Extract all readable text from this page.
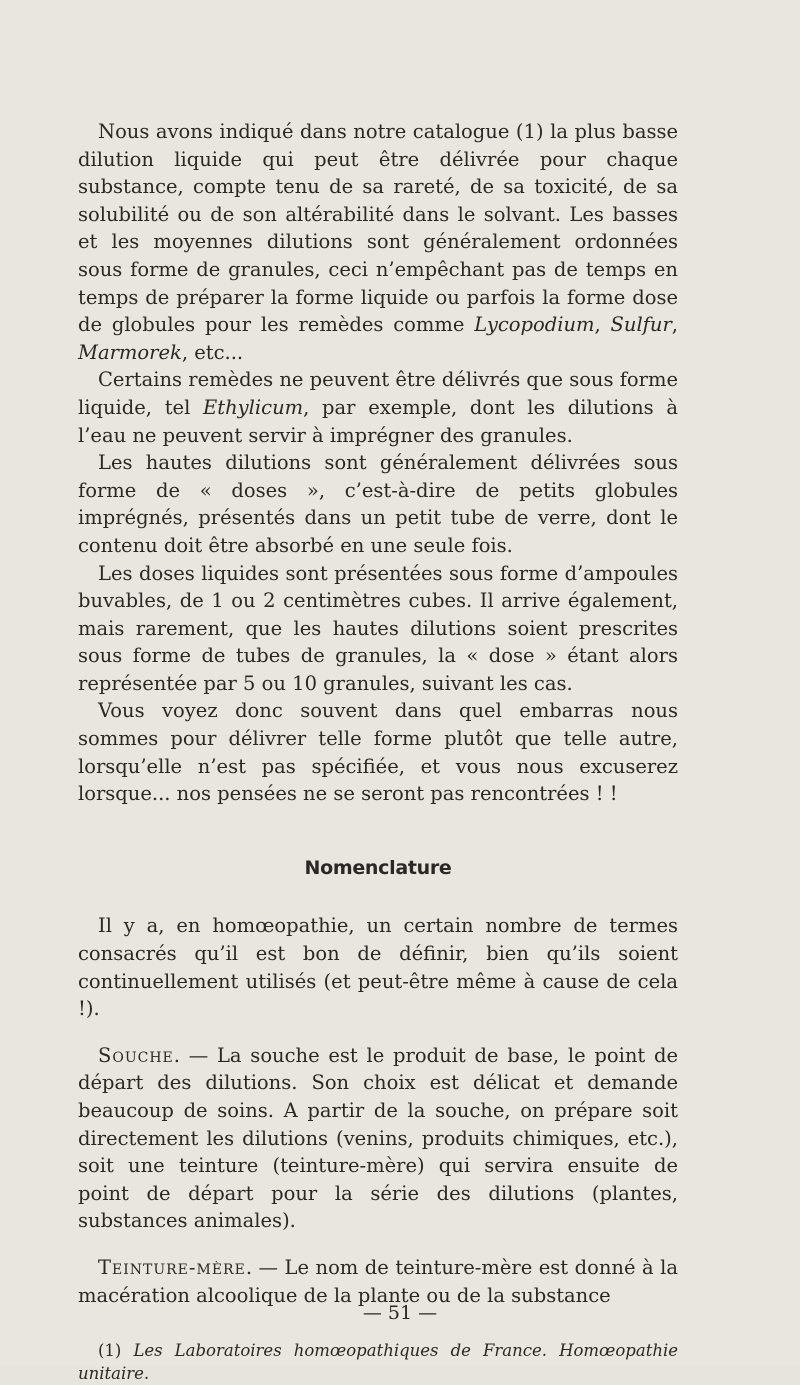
Nous avons indiqué dans notre catalogue (1) la plus basse dilution liquide qui peut être délivrée pour chaque substance, compte tenu de sa rareté, de sa toxicité, de sa solubilité ou de son altérabilité dans le solvant. Les basses et les moyennes dilutions sont généralement ordonnées sous forme de granules, ceci n’empêchant pas de temps en temps de préparer la forme liquide ou parfois la forme dose de globules pour les remèdes comme Lycopodium, Sulfur, Marmorek, etc...

Certains remèdes ne peuvent être délivrés que sous forme liquide, tel Ethylicum, par exemple, dont les dilutions à l’eau ne peuvent servir à imprégner des granules.

Les hautes dilutions sont généralement délivrées sous forme de « doses », c’est-à-dire de petits globules imprégnés, présentés dans un petit tube de verre, dont le contenu doit être absorbé en une seule fois.

Les doses liquides sont présentées sous forme d’ampoules buvables, de 1 ou 2 centimètres cubes. Il arrive également, mais rarement, que les hautes dilutions soient prescrites sous forme de tubes de granules, la « dose » étant alors représentée par 5 ou 10 granules, suivant les cas.

Vous voyez donc souvent dans quel embarras nous sommes pour délivrer telle forme plutôt que telle autre, lorsqu’elle n’est pas spécifiée, et vous nous excuserez lorsque... nos pensées ne se seront pas rencontrées ! !

Nomenclature

Il y a, en homœopathie, un certain nombre de termes consacrés qu’il est bon de définir, bien qu’ils soient continuellement utilisés (et peut-être même à cause de cela !).

Souche. — La souche est le produit de base, le point de départ des dilutions. Son choix est délicat et demande beaucoup de soins. A partir de la souche, on prépare soit directement les dilutions (venins, produits chimiques, etc.), soit une teinture (teinture-mère) qui servira ensuite de point de départ pour la série des dilutions (plantes, substances animales).

Teinture-mère. — Le nom de teinture-mère est donné à la macération alcoolique de la plante ou de la substance

(1) Les Laboratoires homœopathiques de France. Homœopathie unitaire.

— 51 —
